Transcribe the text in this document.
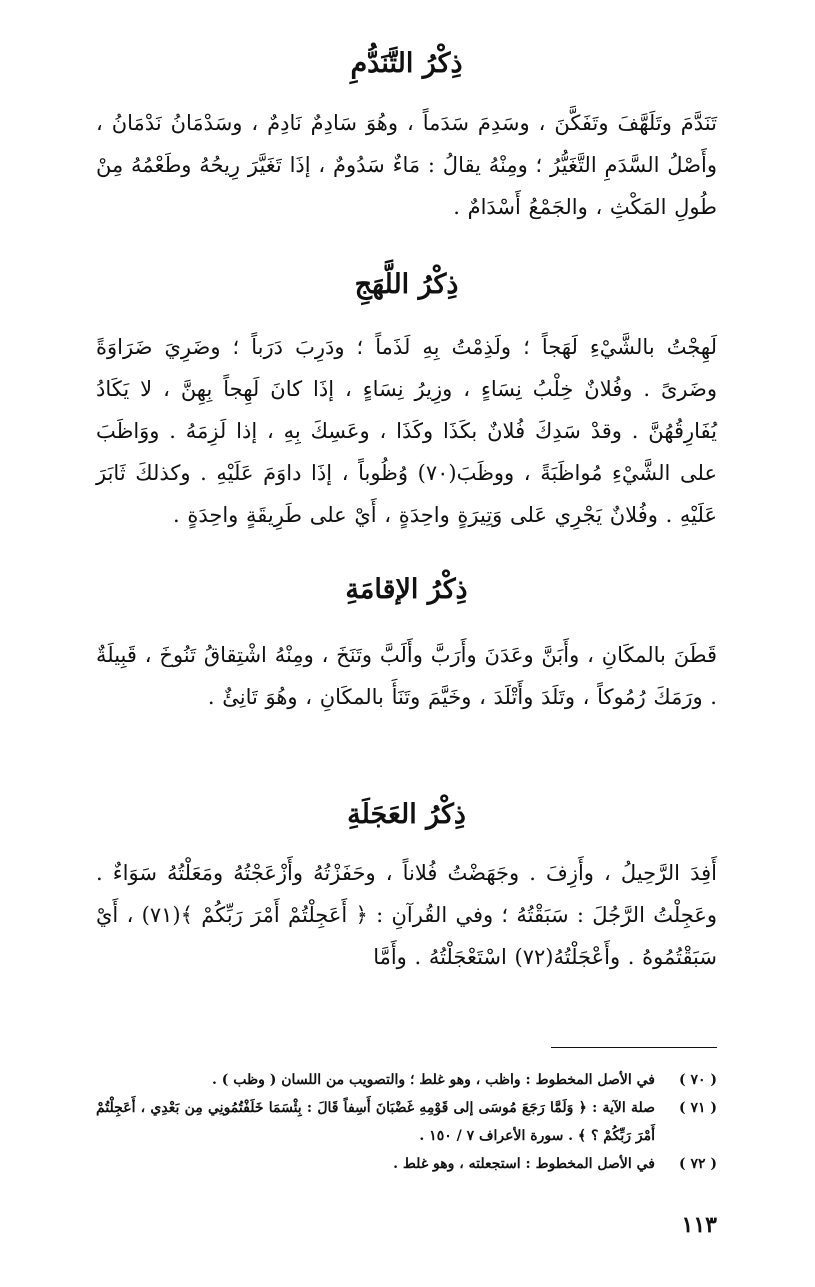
ذِكْرُ التَّنَدُّمِ

تَنَدَّمَ وتَلَهَّفَ وتَفَكَّنَ ، وسَدِمَ سَدَماً ، وهُوَ سَادِمٌ نَادِمٌ ، وسَدْمَانُ نَدْمَانُ ، وأَصْلُ السَّدَمِ التَّغَيُّرُ ؛ ومِنْهُ يقالُ : مَاءٌ سَدُومٌ ، إذَا تَغَيَّرَ رِيحُهُ وطَعْمُهُ مِنْ طُولِ المَكْثِ ، والجَمْعُ أَسْدَامٌ .

ذِكْرُ اللَّهَجِ

لَهِجْتُ بالشَّيْءِ لَهَجاً ؛ ولَذِمْتُ بِهِ لَذَماً ؛ ودَرِبَ دَرَباً ؛ وضَرِيَ ضَرَاوَةً وضَرىً . وفُلانٌ خِلْبُ نِسَاءٍ ، وزِيرُ نِسَاءٍ ، إذَا كانَ لَهِجاً بِهِنَّ ، لا يَكَادُ يُفَارِقُهُنَّ . وقدْ سَدِكَ فُلانٌ بكَذَا وكَذَا ، وعَسِكَ بِهِ ، إذا لَزِمَهُ . ووَاظَبَ على الشَّيْءِ مُواظَبَةً ، ووظَبَ(٧٠) وُظُوباً ، إذَا داوَمَ عَلَيْهِ . وكذلكَ ثَابَرَ عَلَيْهِ . وفُلانٌ يَجْرِي عَلى وَتِيرَةٍ واحِدَةٍ ، أَيْ على طَرِيقَةٍ واحِدَةٍ .

ذِكْرُ الإقامَةِ

قَطَنَ بالمكَانِ ، وأَبَنَّ وعَدَنَ وأَرَبَّ وأَلَبَّ وتَنَخَ ، ومِنْهُ اشْتِقاقُ تَنُوخَ ، قَبِيلَةٌ . ورَمَكَ رُمُوكاً ، وتَلَدَ وأَتْلَدَ ، وخَيَّمَ وتَنَأَ بالمكَانِ ، وهُوَ تَانِئٌ .

ذِكْرُ العَجَلَةِ

أَفِدَ الرَّحِيلُ ، وأَزِفَ . وجَهَضْتُ فُلاناً ، وحَفَزْتُهُ وأَزْعَجْتُهُ ومَعَلْتُهُ سَوَاءٌ . وعَجِلْتُ الرَّجُلَ : سَبَقْتُهُ ؛ وفي القُرآنِ : ﴿ أَعَجِلْتُمْ أَمْرَ رَبِّكُمْ ﴾(٧١) ، أَيْ سَبَقْتُمُوهُ . وأَعْجَلْتُهُ(٧٢) اسْتَعْجَلْتُهُ . وأَمَّا

( ٧٠ )
في الأصل المخطوط : واظب ، وهو غلط ؛ والتصويب من اللسان ( وظب ) .
( ٧١ )
صلة الآية : ﴿ وَلَمَّا رَجَعَ مُوسَى إلى قَوْمِهِ غَضْبَانَ أَسِفاً قَالَ : بِئْسَمَا خَلَفْتُمُونِي مِن بَعْدِي ، أَعَجِلْتُمْ أَمْرَ رَبِّكُمْ ؟ ﴾ . سورة الأعراف ٧ / ١٥٠ .
( ٧٢ )
في الأصل المخطوط : استجعلته ، وهو غلط .

١١٣
